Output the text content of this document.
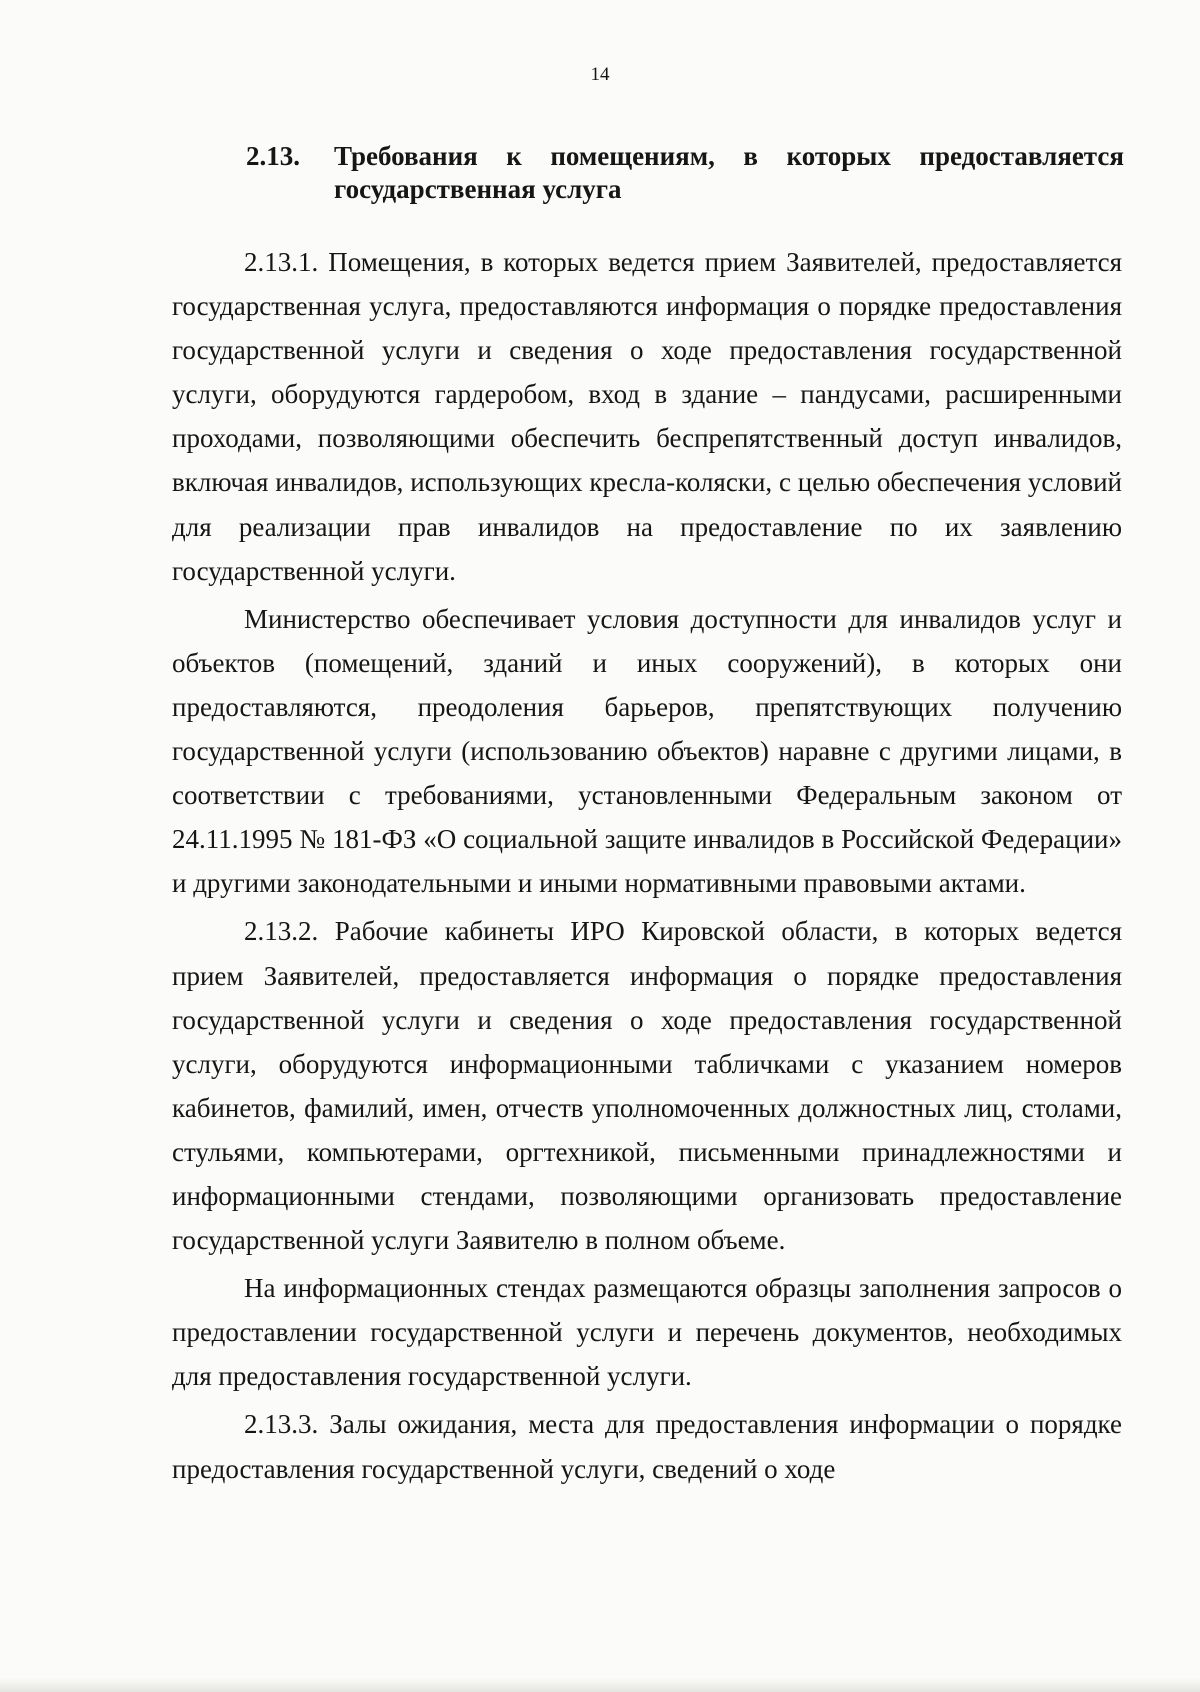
14
2.13. Требования к помещениям, в которых предоставляется государственная услуга

2.13.1. Помещения, в которых ведется прием Заявителей, предоставляется государственная услуга, предоставляются информация о порядке предоставления государственной услуги и сведения о ходе предоставления государственной услуги, оборудуются гардеробом, вход в здание – пандусами, расширенными проходами, позволяющими обеспечить беспрепятственный доступ инвалидов, включая инвалидов, использующих кресла-коляски, с целью обеспечения условий для реализации прав инвалидов на предоставление по их заявлению государственной услуги.

Министерство обеспечивает условия доступности для инвалидов услуг и объектов (помещений, зданий и иных сооружений), в которых они предоставляются, преодоления барьеров, препятствующих получению государственной услуги (использованию объектов) наравне с другими лицами, в соответствии с требованиями, установленными Федеральным законом от 24.11.1995 № 181-ФЗ «О социальной защите инвалидов в Российской Федерации» и другими законодательными и иными нормативными правовыми актами.

2.13.2. Рабочие кабинеты ИРО Кировской области, в которых ведется прием Заявителей, предоставляется информация о порядке предоставления государственной услуги и сведения о ходе предоставления государственной услуги, оборудуются информационными табличками с указанием номеров кабинетов, фамилий, имен, отчеств уполномоченных должностных лиц, столами, стульями, компьютерами, оргтехникой, письменными принадлежностями и информационными стендами, позволяющими организовать предоставление государственной услуги Заявителю в полном объеме.

На информационных стендах размещаются образцы заполнения запросов о предоставлении государственной услуги и перечень документов, необходимых для предоставления государственной услуги.

2.13.3. Залы ожидания, места для предоставления информации о порядке предоставления государственной услуги, сведений о ходе
